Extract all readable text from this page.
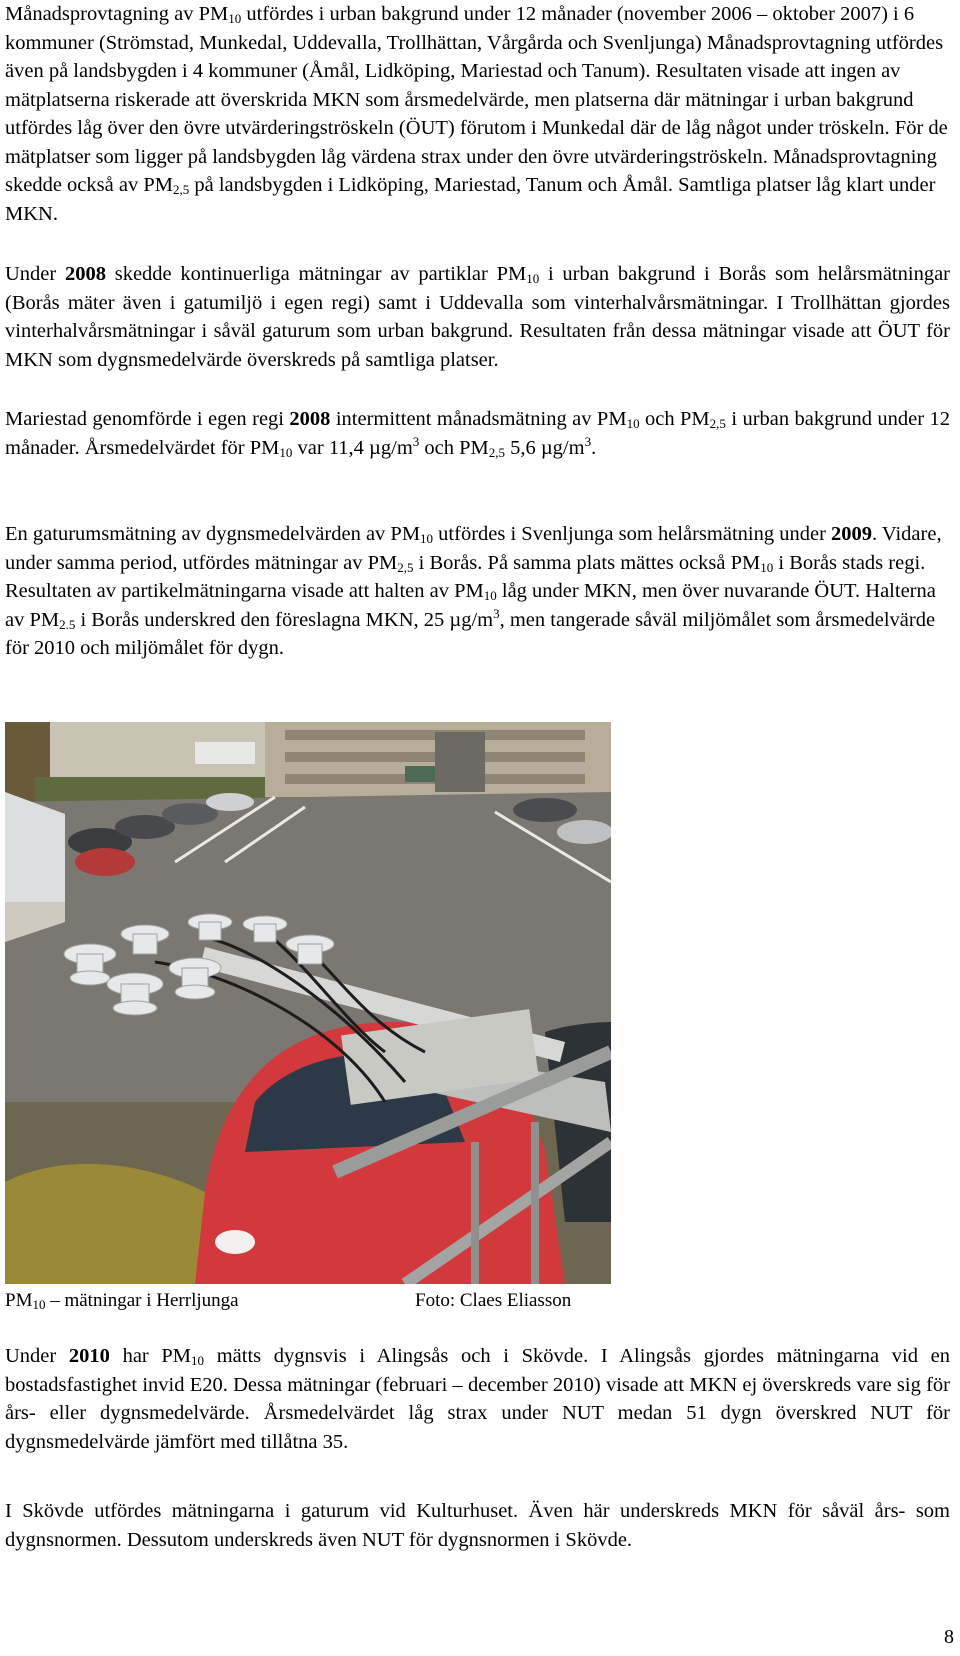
Månadsprovtagning av $PM_{10}$ utfördes i urban bakgrund under 12 månader (november 2006 – oktober 2007) i 6 kommuner (Strömstad, Munkedal, Uddevalla, Trollhättan, Vårgårda och Svenljunga) Månadsprovtagning utfördes även på landsbygden i 4 kommuner (Åmål, Lidköping, Mariestad och Tanum). Resultaten visade att ingen av mätplatserna riskerade att överskrida MKN som årsmedelvärde, men platserna där mätningar i urban bakgrund utfördes låg över den övre utvärderingströskeln (ÖUT) förutom i Munkedal där de låg något under tröskeln. För de mätplatser som ligger på landsbygden låg värdena strax under den övre utvärderingströskeln. Månadsprovtagning skedde också av $PM_{2,5}$ på landsbygden i Lidköping, Mariestad, Tanum och Åmål. Samtliga platser låg klart under MKN.

Under 2008 skedde kontinuerliga mätningar av partiklar $PM_{10}$ i urban bakgrund i Borås som helårsmätningar (Borås mäter även i gatumiljö i egen regi) samt i Uddevalla som vinterhalvårsmätningar. I Trollhättan gjordes vinterhalvårsmätningar i såväl gaturum som urban bakgrund. Resultaten från dessa mätningar visade att ÖUT för MKN som dygnsmedelvärde överskreds på samtliga platser.

Mariestad genomförde i egen regi 2008 intermittent månadsmätning av $PM_{10}$ och $PM_{2,5}$ i urban bakgrund under 12 månader. Årsmedelvärdet för $PM_{10}$ var 11,4 $\mu g/m^3$ och $PM_{2,5}$ 5,6 $\mu g/m^3$.

En gaturumsmätning av dygnsmedelvärden av $PM_{10}$ utfördes i Svenljunga som helårsmätning under 2009. Vidare, under samma period, utfördes mätningar av $PM_{2,5}$ i Borås. På samma plats mättes också $PM_{10}$ i Borås stads regi. Resultaten av partikelmätningarna visade att halten av $PM_{10}$ låg under MKN, men över nuvarande ÖUT. Halterna av $PM_{2.5}$ i Borås underskred den föreslagna MKN, 25 $\mu g/m^3$, men tangerade såväl miljömålet som årsmedelvärde för 2010 och miljömålet för dygn.

$PM_{10}$ – mätningar i Herrljunga	Foto: Claes Eliasson

Under 2010 har $PM_{10}$ mätts dygnsvis i Alingsås och i Skövde. I Alingsås gjordes mätningarna vid en bostadsfastighet invid E20. Dessa mätningar (februari – december 2010) visade att MKN ej överskreds vare sig för års- eller dygnsmedelvärde. Årsmedelvärdet låg strax under NUT medan 51 dygn överskred NUT för dygnsmedelvärde jämfört med tillåtna 35.

I Skövde utfördes mätningarna i gaturum vid Kulturhuset. Även här underskreds MKN för såväl års- som dygnsnormen. Dessutom underskreds även NUT för dygnsnormen i Skövde.

8
